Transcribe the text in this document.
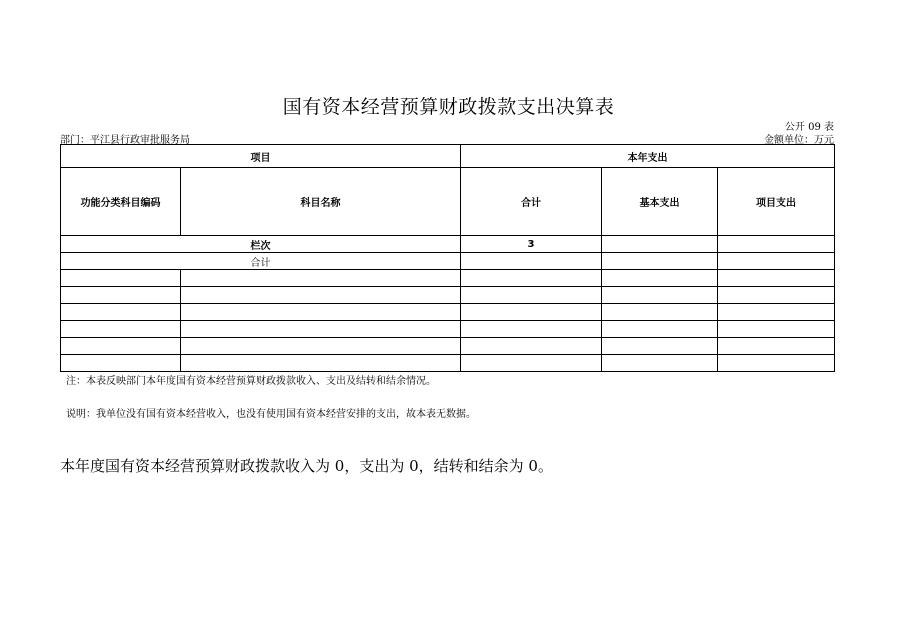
国有资本经营预算财政拨款支出决算表
公开 09 表
部门：平江县行政审批服务局	金额单位：万元
项目		本年支出		
功能分类科目编码	科目名称	合计	基本支出	项目支出
栏次		3		
合计				

注：本表反映部门本年度国有资本经营预算财政拨款收入、支出及结转和结余情况。
说明：我单位没有国有资本经营收入，也没有使用国有资本经营安排的支出，故本表无数据。
本年度国有资本经营预算财政拨款收入为 0，支出为 0，结转和结余为 0。
